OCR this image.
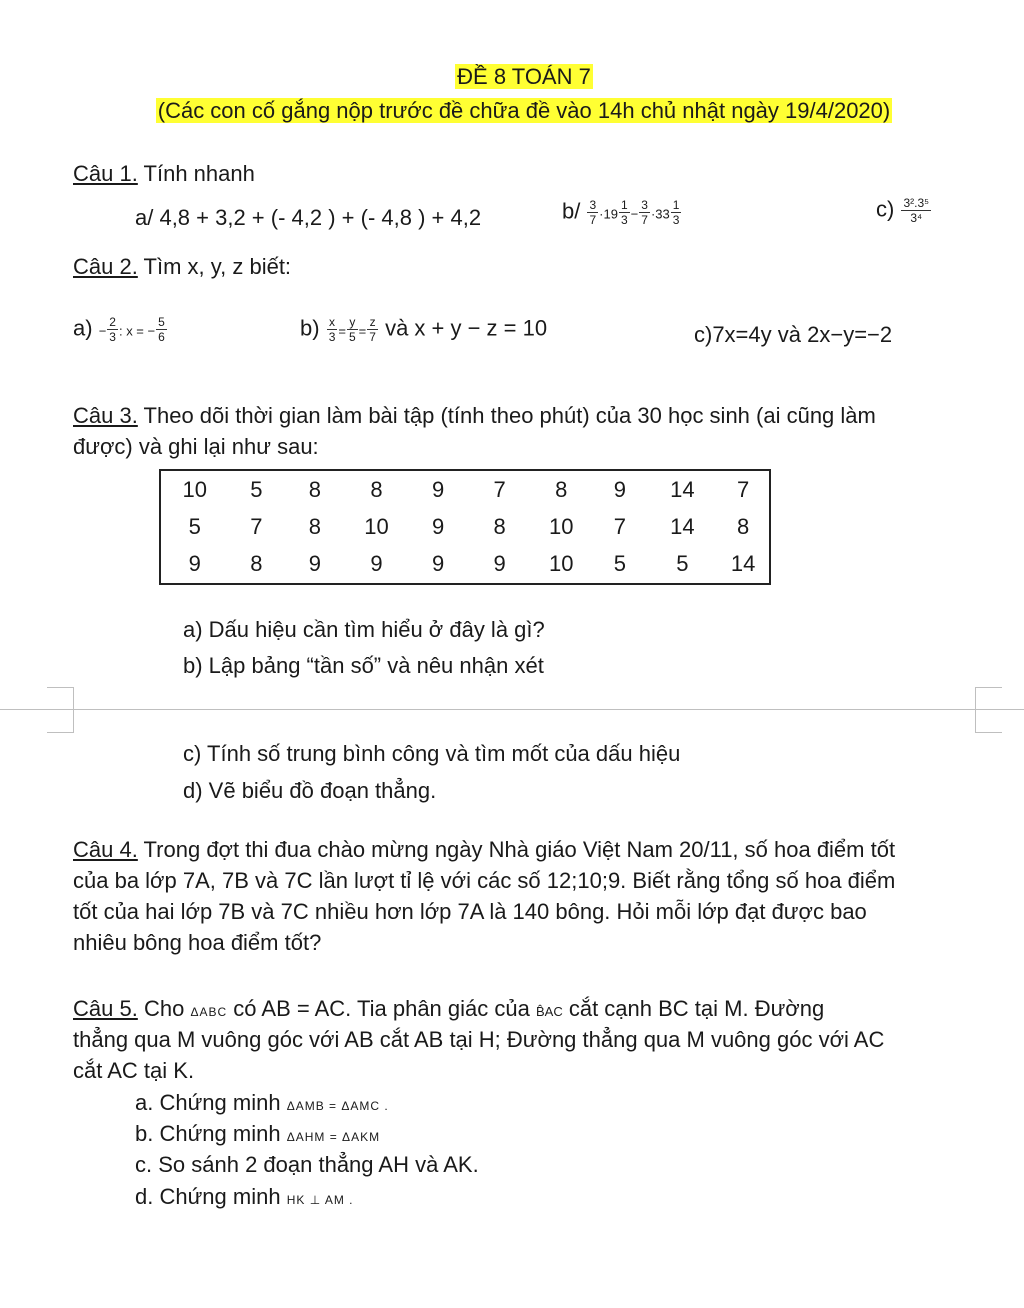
ĐỀ 8 TOÁN 7
(Các con cố gắng nộp trước đề chữa đề vào 14h chủ nhật ngày 19/4/2020)
Câu 1. Tính nhanh
a/ 4,8 + 3,2 + (- 4,2 ) + (- 4,8 ) + 4,2	$b/ \frac{3}{7} \cdot 19 \frac{1}{3} - \frac{3}{7} \cdot 33 \frac{1}{3}$	$c) \frac{\text{3².3⁵}}{\text{3⁴}}$
Câu 2. Tìm x, y, z biết:
$a) - \frac{2}{3}$ : x = − $\frac{5}{6}$	$b) \frac{x}{3} = \frac{y}{5} = \frac{z}{7}$ và x + y − z = 10	c)7x=4y và 2x−y=−2
Câu 3. Theo dõi thời gian làm bài tập (tính theo phút) của 30 học sinh (ai cũng làm
được) và ghi lại như sau:
10	5	8	8	9	7	8	9	14	7
5	7	8	10	9	8	10	7	14	8
9	8	9	9	9	9	10	5	5	14
a) Dấu hiệu cần tìm hiểu ở đây là gì?
b) Lập bảng “tần số” và nêu nhận xét
c) Tính số trung bình công và tìm mốt của dấu hiệu
d) Vẽ biểu đồ đoạn thẳng.
Câu 4. Trong đợt thi đua chào mừng ngày Nhà giáo Việt Nam 20/11, số hoa điểm tốt
của ba lớp 7A, 7B và 7C lần lượt tỉ lệ với các số 12;10;9. Biết rằng tổng số hoa điểm
tốt của hai lớp 7B và 7C nhiều hơn lớp 7A là 140 bông. Hỏi mỗi lớp đạt được bao
nhiêu bông hoa điểm tốt?
Câu 5. Cho ΔABC có AB = AC. Tia phân giác của B̂AC cắt cạnh BC tại M. Đường
thẳng qua M vuông góc với AB cắt AB tại H; Đường thẳng qua M vuông góc với AC
cắt AC tại K.
a. Chứng minh ΔAMB = ΔAMC .
b. Chứng minh ΔAHM = ΔAKM
c. So sánh 2 đoạn thẳng AH và AK.
d. Chứng minh HK ⊥ AM .
